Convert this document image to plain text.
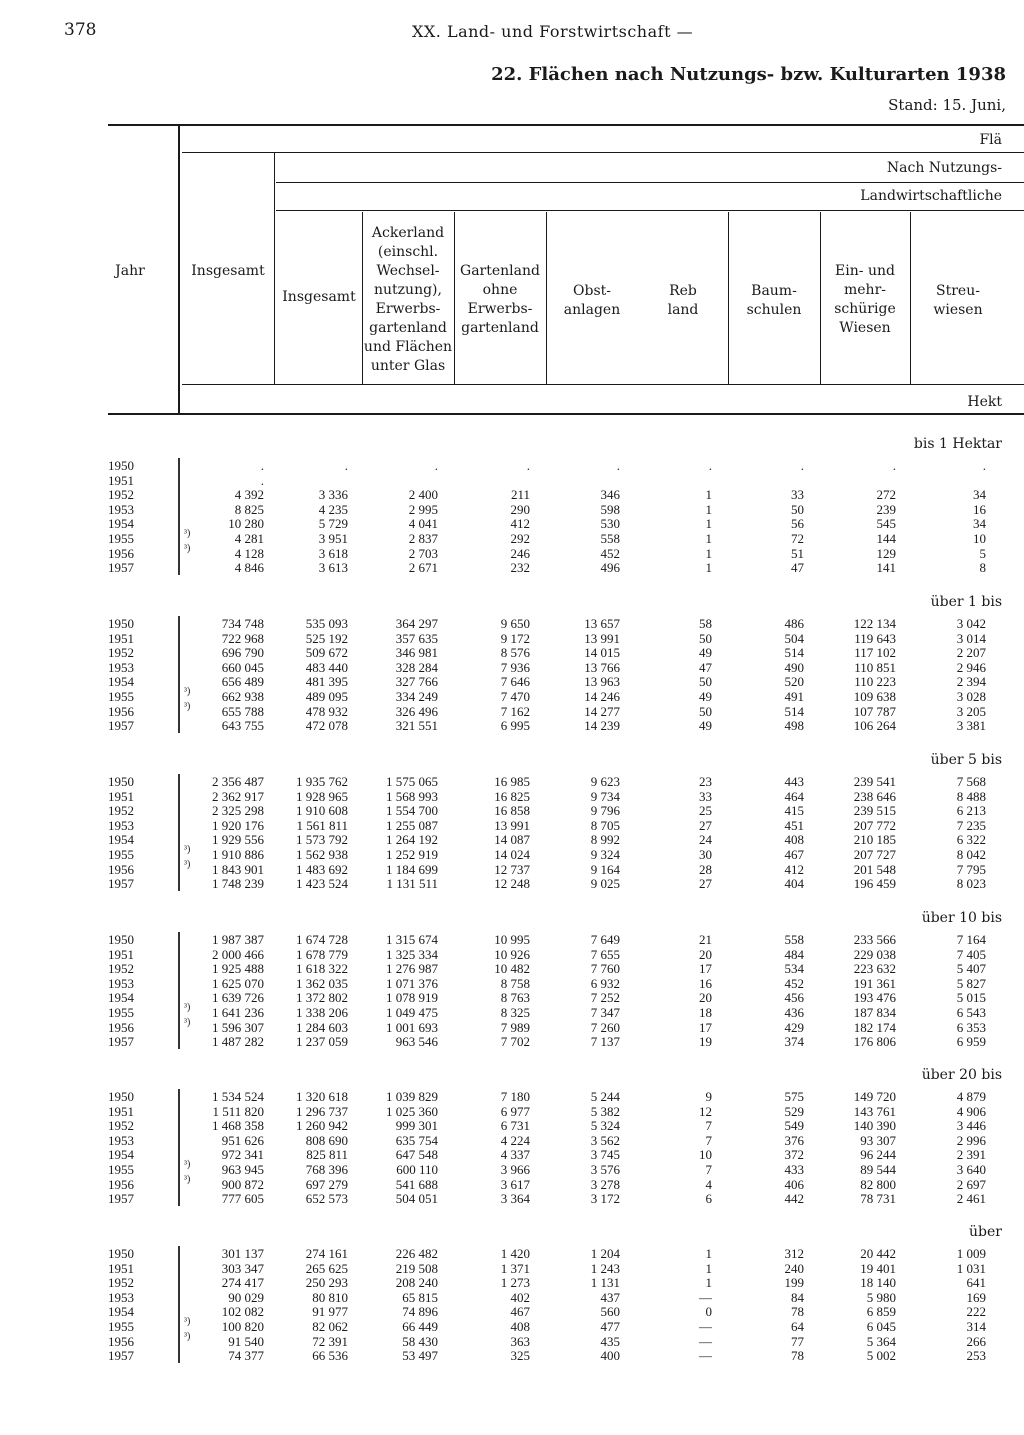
378	XX. Land- und Forstwirtschaft —
22. Flächen nach Nutzungs- bzw. Kulturarten 1938
Stand: 15. Juni,
Flä
Nach Nutzungs-
Landwirtschaftliche
Jahr	Insgesamt
Insgesamt
Ackerland
(einschl.
Wechsel-
nutzung),
Erwerbs-
gartenland
und Flächen
unter Glas
Gartenland
ohne
Erwerbs-
gartenland
Obst-
anlagen
Reb
land
Baum-
schulen
Ein- und
mehr-
schürige
Wiesen
Streu-
wiesen
Hekt
bis 1 Hektar
1950	.	.	.	.	.	.	.	.	.
1951	.
1952	4 392	3 336	2 400	211	346	1	33	272	34
1953	8 825	4 235	2 995	290	598	1	50	239	16
1954	10 280	5 729	4 041	412	530	1	56	545	34
1955	³)	4 281	3 951	2 837	292	558	1	72	144	10
1956	³)	4 128	3 618	2 703	246	452	1	51	129	5
1957	4 846	3 613	2 671	232	496	1	47	141	8
über 1 bis
1950	734 748	535 093	364 297	9 650	13 657	58	486	122 134	3 042
1951	722 968	525 192	357 635	9 172	13 991	50	504	119 643	3 014
1952	696 790	509 672	346 981	8 576	14 015	49	514	117 102	2 207
1953	660 045	483 440	328 284	7 936	13 766	47	490	110 851	2 946
1954	656 489	481 395	327 766	7 646	13 963	50	520	110 223	2 394
1955	³)	662 938	489 095	334 249	7 470	14 246	49	491	109 638	3 028
1956	³)	655 788	478 932	326 496	7 162	14 277	50	514	107 787	3 205
1957	643 755	472 078	321 551	6 995	14 239	49	498	106 264	3 381
über 5 bis
1950	2 356 487	1 935 762	1 575 065	16 985	9 623	23	443	239 541	7 568
1951	2 362 917	1 928 965	1 568 993	16 825	9 734	33	464	238 646	8 488
1952	2 325 298	1 910 608	1 554 700	16 858	9 796	25	415	239 515	6 213
1953	1 920 176	1 561 811	1 255 087	13 991	8 705	27	451	207 772	7 235
1954	1 929 556	1 573 792	1 264 192	14 087	8 992	24	408	210 185	6 322
1955	³)	1 910 886	1 562 938	1 252 919	14 024	9 324	30	467	207 727	8 042
1956	³)	1 843 901	1 483 692	1 184 699	12 737	9 164	28	412	201 548	7 795
1957	1 748 239	1 423 524	1 131 511	12 248	9 025	27	404	196 459	8 023
über 10 bis
1950	1 987 387	1 674 728	1 315 674	10 995	7 649	21	558	233 566	7 164
1951	2 000 466	1 678 779	1 325 334	10 926	7 655	20	484	229 038	7 405
1952	1 925 488	1 618 322	1 276 987	10 482	7 760	17	534	223 632	5 407
1953	1 625 070	1 362 035	1 071 376	8 758	6 932	16	452	191 361	5 827
1954	1 639 726	1 372 802	1 078 919	8 763	7 252	20	456	193 476	5 015
1955	³)	1 641 236	1 338 206	1 049 475	8 325	7 347	18	436	187 834	6 543
1956	³)	1 596 307	1 284 603	1 001 693	7 989	7 260	17	429	182 174	6 353
1957	1 487 282	1 237 059	963 546	7 702	7 137	19	374	176 806	6 959
über 20 bis
1950	1 534 524	1 320 618	1 039 829	7 180	5 244	9	575	149 720	4 879
1951	1 511 820	1 296 737	1 025 360	6 977	5 382	12	529	143 761	4 906
1952	1 468 358	1 260 942	999 301	6 731	5 324	7	549	140 390	3 446
1953	951 626	808 690	635 754	4 224	3 562	7	376	93 307	2 996
1954	972 341	825 811	647 548	4 337	3 745	10	372	96 244	2 391
1955	³)	963 945	768 396	600 110	3 966	3 576	7	433	89 544	3 640
1956	³)	900 872	697 279	541 688	3 617	3 278	4	406	82 800	2 697
1957	777 605	652 573	504 051	3 364	3 172	6	442	78 731	2 461
über
1950	301 137	274 161	226 482	1 420	1 204	1	312	20 442	1 009
1951	303 347	265 625	219 508	1 371	1 243	1	240	19 401	1 031
1952	274 417	250 293	208 240	1 273	1 131	1	199	18 140	641
1953	90 029	80 810	65 815	402	437	—	84	5 980	169
1954	102 082	91 977	74 896	467	560	0	78	6 859	222
1955	³)	100 820	82 062	66 449	408	477	—	64	6 045	314
1956	³)	91 540	72 391	58 430	363	435	—	77	5 364	266
1957	74 377	66 536	53 497	325	400	—	78	5 002	253
